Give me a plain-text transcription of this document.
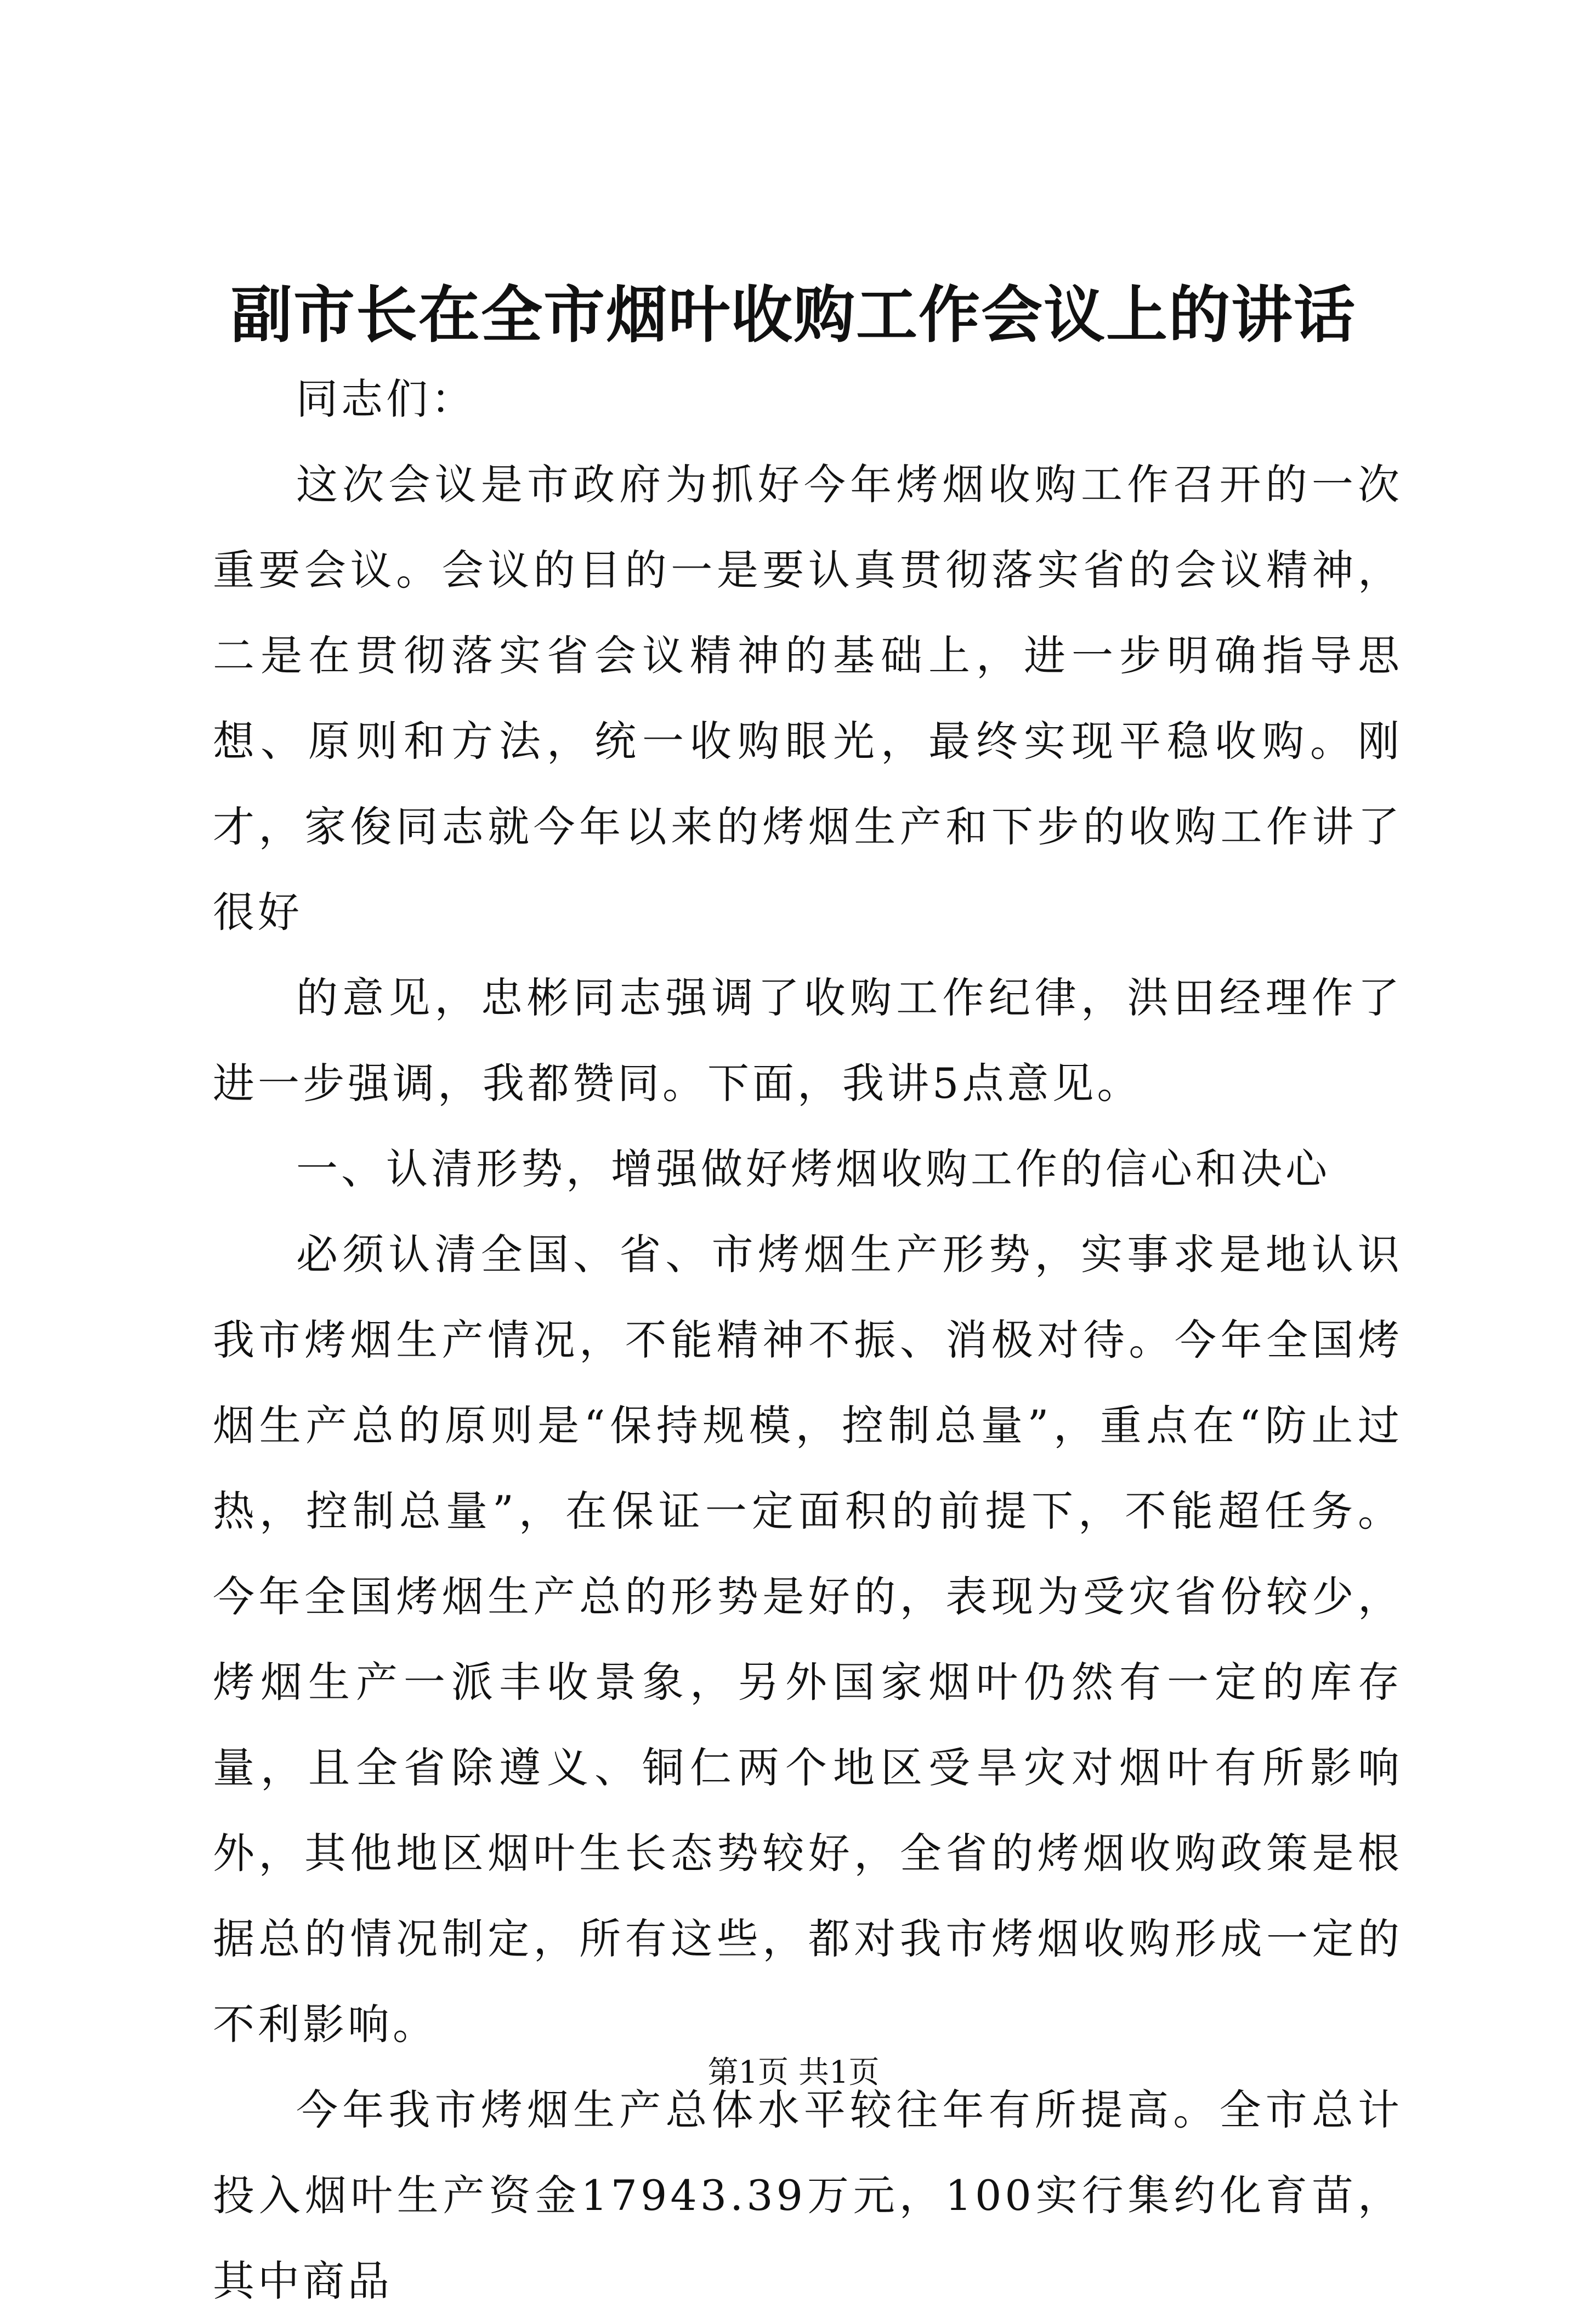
副市长在全市烟叶收购工作会议上的讲话

同志们：

这次会议是市政府为抓好今年烤烟收购工作召开的一次重要会议。会议的目的一是要认真贯彻落实省的会议精神，二是在贯彻落实省会议精神的基础上，进一步明确指导思想、原则和方法，统一收购眼光，最终实现平稳收购。刚才，家俊同志就今年以来的烤烟生产和下步的收购工作讲了很好

的意见，忠彬同志强调了收购工作纪律，洪田经理作了进一步强调，我都赞同。下面，我讲5点意见。

一、认清形势，增强做好烤烟收购工作的信心和决心

必须认清全国、省、市烤烟生产形势，实事求是地认识我市烤烟生产情况，不能精神不振、消极对待。今年全国烤烟生产总的原则是“保持规模，控制总量”，重点在“防止过热，控制总量”，在保证一定面积的前提下，不能超任务。今年全国烤烟生产总的形势是好的，表现为受灾省份较少，烤烟生产一派丰收景象，另外国家烟叶仍然有一定的库存量，且全省除遵义、铜仁两个地区受旱灾对烟叶有所影响外，其他地区烟叶生长态势较好，全省的烤烟收购政策是根据总的情况制定，所有这些，都对我市烤烟收购形成一定的不利影响。

今年我市烤烟生产总体水平较往年有所提高。全市总计投入烟叶生产资金17943.39万元，100实行集约化育苗，其中商品

第1页 共1页
